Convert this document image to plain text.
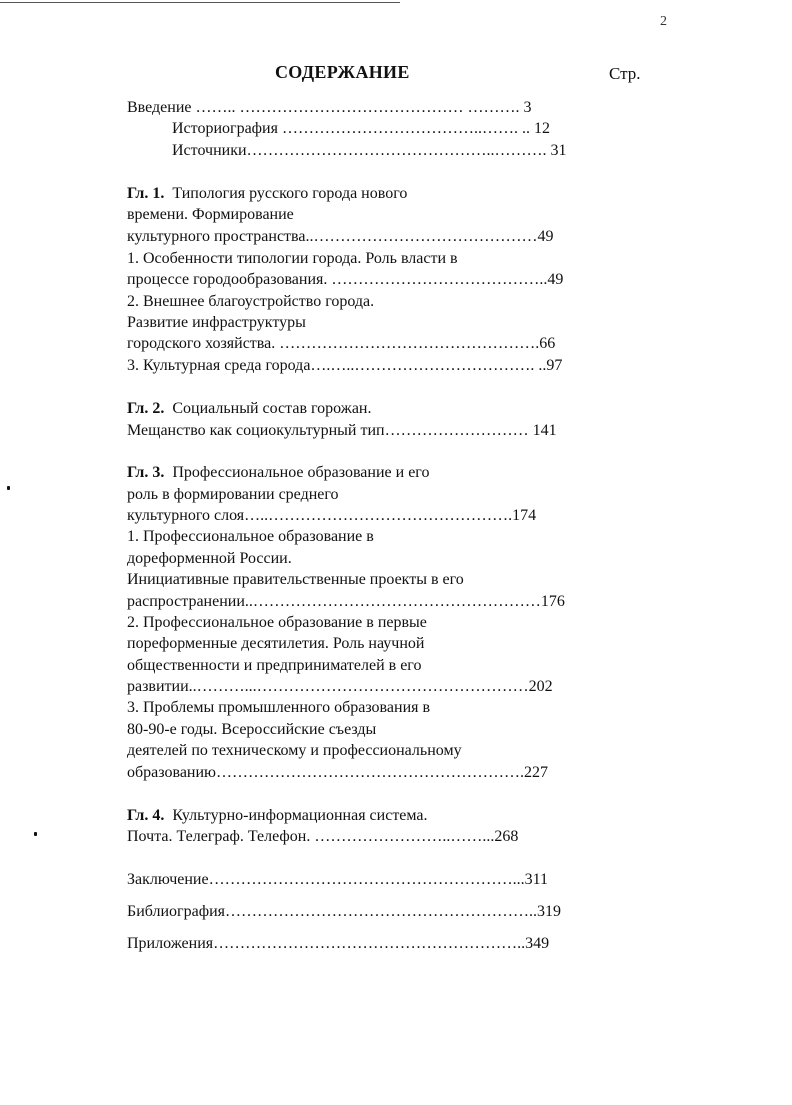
2
СОДЕРЖАНИЕ	Стр.

Введение …….. …………………………………… ………. 3

Историография ………………………………..……. .. 12

Источники………………………………………..………. 31

Гл. 1. Типология русского города нового

времени. Формирование

культурного пространства..……………………………………49

1. Особенности типологии города. Роль власти в

процессе городообразования. …………………………………..49

2. Внешнее благоустройство города.

Развитие инфраструктуры

городского хозяйства. ………………………………………….66

3. Культурная среда города….…..……………………………. ..97

Гл. 2. Социальный состав горожан.

Мещанство как социокультурный тип……………………… 141

Гл. 3. Профессиональное образование и его

роль в формировании среднего

культурного слоя…..……………………………………….174

1. Профессиональное образование в

дореформенной России.

Инициативные правительственные проекты в его

распространении..………………………………………………176

2. Профессиональное образование в первые

пореформенные десятилетия. Роль научной

общественности и предпринимателей в его

развитии..………...……………………………………………202

3. Проблемы промышленного образования в

80-90-е годы. Всероссийские съезды

деятелей по техническому и профессиональному

образованию………………………………………………….227

Гл. 4. Культурно-информационная система.

Почта. Телеграф. Телефон. ……………………..……...268

Заключение…………………………………………………...311

Библиография…………………………………………………..319

Приложения…………………………………………………..349
